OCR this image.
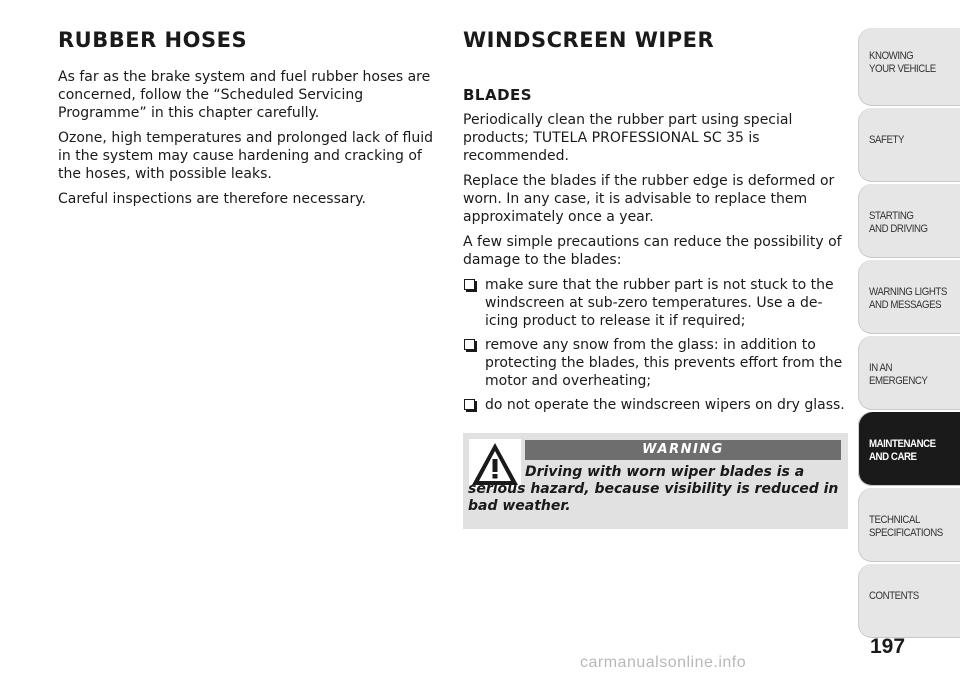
RUBBER HOSES

As far as the brake system and fuel rubber hoses are concerned, follow the “Scheduled Servicing Programme” in this chapter carefully.

Ozone, high temperatures and prolonged lack of fluid in the system may cause hardening and cracking of the hoses, with possible leaks.

Careful inspections are therefore necessary.

WINDSCREEN WIPER
BLADES

Periodically clean the rubber part using special products; TUTELA PROFESSIONAL SC 35 is recommended.

Replace the blades if the rubber edge is deformed or worn. In any case, it is advisable to replace them approximately once a year.

A few simple precautions can reduce the possibility of damage to the blades:

make sure that the rubber part is not stuck to the windscreen at sub-zero temperatures. Use a de-icing product to release it if required;
remove any snow from the glass: in addition to protecting the blades, this prevents effort from the motor and overheating;
do not operate the windscreen wipers on dry glass.
WARNING
Driving with worn wiper blades is a serious hazard, because visibility is reduced in bad weather.
KNOWING
YOUR VEHICLE
SAFETY
STARTING
AND DRIVING
WARNING LIGHTS
AND MESSAGES
IN AN
EMERGENCY
MAINTENANCE
AND CARE
TECHNICAL
SPECIFICATIONS
CONTENTS
197
carmanualsonline.info
